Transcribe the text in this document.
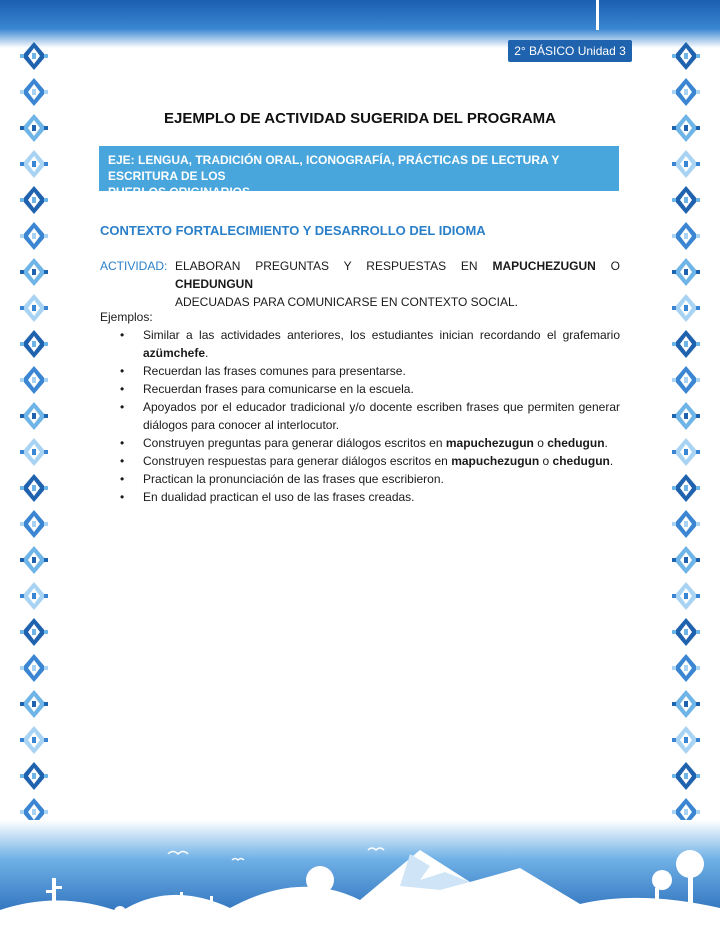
2° BÁSICO Unidad 3
EJEMPLO DE ACTIVIDAD SUGERIDA DEL PROGRAMA
EJE: LENGUA, TRADICIÓN ORAL, ICONOGRAFÍA, PRÁCTICAS DE LECTURA Y ESCRITURA DE LOS
PUEBLOS ORIGINARIOS
CONTEXTO FORTALECIMIENTO Y DESARROLLO DEL IDIOMA
ACTIVIDAD: ELABORAN PREGUNTAS Y RESPUESTAS EN MAPUCHEZUGUN O CHEDUNGUN
ADECUADAS PARA COMUNICARSE EN CONTEXTO SOCIAL.
Ejemplos:
• Similar a las actividades anteriores, los estudiantes inician recordando el grafemario azümchefe.
• Recuerdan las frases comunes para presentarse.
• Recuerdan frases para comunicarse en la escuela.
• Apoyados por el educador tradicional y/o docente escriben frases que permiten generar diálogos para conocer al interlocutor.
• Construyen preguntas para generar diálogos escritos en mapuchezugun o chedugun.
• Construyen respuestas para generar diálogos escritos en mapuchezugun o chedugun.
• Practican la pronunciación de las frases que escribieron.
• En dualidad practican el uso de las frases creadas.
